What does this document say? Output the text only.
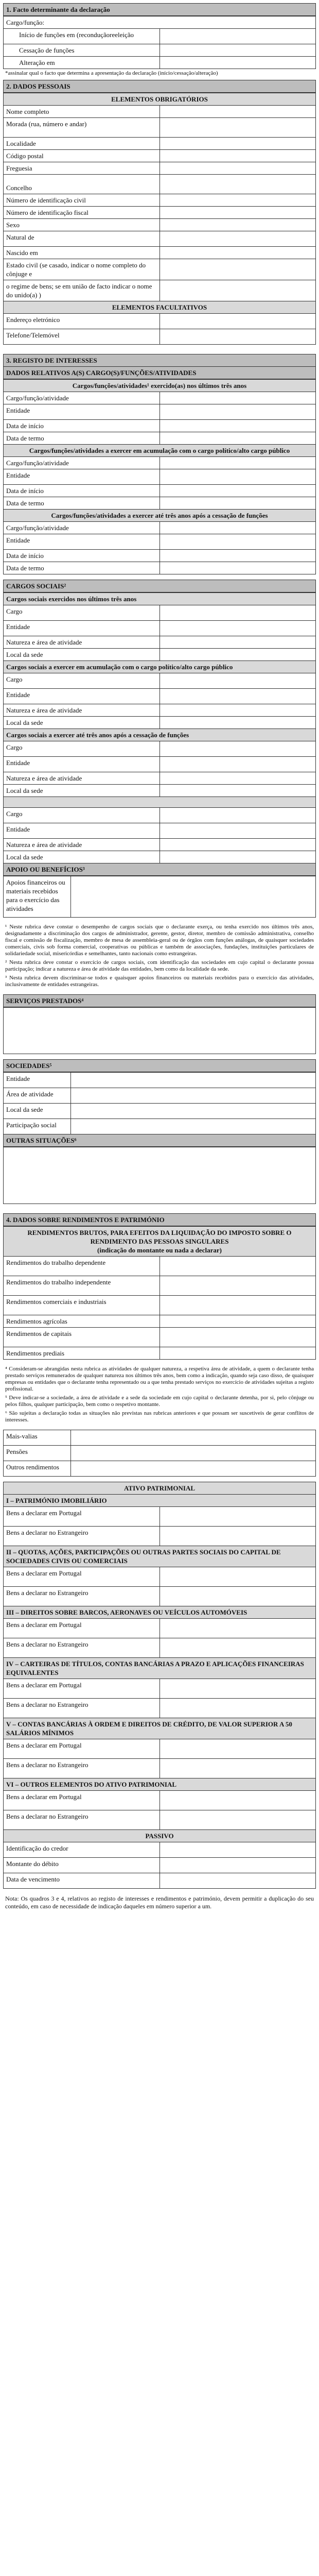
1. Facto determinante da declaração
Cargo/função:	
Início de funções em (reconduçãoreeleição	
Cessação de funções	
Alteração em	
*assinalar qual o facto que determina a apresentação da declaração (início/cessação/alteração)
2. DADOS PESSOAIS
ELEMENTOS OBRIGATÓRIOS	
Nome completo	
Morada (rua, número e andar)	
Localidade	
Código postal	
Freguesia	
Concelho	
Número de identificação civil	
Número de identificação fiscal	
Sexo	
Natural de	
Nascido em	
Estado civil (se casado, indicar o nome completo do cônjuge e	
o regime de bens; se em união de facto indicar o nome do unido(a) )	
ELEMENTOS FACULTATIVOS	
Endereço eletrónico	
Telefone/Telemóvel	
3. REGISTO DE INTERESSES
DADOS RELATIVOS A(S) CARGO(S)/FUNÇÕES/ATIVIDADES
Cargos/funções/atividades¹ exercido(as) nos últimos três anos	
Cargo/função/atividade	
Entidade	
Data de início	
Data de termo	
Cargos/funções/atividades a exercer em acumulação com o cargo político/alto cargo público	
Cargo/função/atividade	
Entidade	
Data de início	
Data de termo	
Cargos/funções/atividades a exercer até três anos após a cessação de funções	
Cargo/função/atividade	
Entidade	
Data de início	
Data de termo	
CARGOS SOCIAIS²
Cargos sociais exercidos nos últimos três anos	
Cargo	
Entidade	
Natureza e área de atividade	
Local da sede	
Cargos sociais a exercer em acumulação com o cargo político/alto cargo público	
Cargo	
Entidade	
Natureza e área de atividade	
Local da sede	
Cargos sociais a exercer até três anos após a cessação de funções	
Cargo	
Entidade	
Natureza e área de atividade	
Local da sede	

Cargo	
Entidade	
Natureza e área de atividade	
Local da sede	
APOIO OU BENEFÍCIOS³
Apoios financeiros ou materiais recebidos para o exercício das atividades	
¹ Neste rubrica deve constar o desempenho de cargos sociais que o declarante exerça, ou tenha exercido nos últimos três anos, designadamente a discriminação dos cargos de administrador, gerente, gestor, diretor, membro de comissão administrativa, conselho fiscal e comissão de fiscalização, membro de mesa de assembleia-geral ou de órgãos com funções análogas, de quaisquer sociedades comerciais, civis sob forma comercial, cooperativas ou públicas e também de associações, fundações, instituições particulares de solidariedade social, misericórdias e semelhantes, tanto nacionais como estrangeiras.
² Nesta rubrica deve constar o exercício de cargos sociais, com identificação das sociedades em cujo capital o declarante possua participação; indicar a natureza e área de atividade das entidades, bem como da localidade da sede.
³ Nesta rubrica devem discriminar-se todos e quaisquer apoios financeiros ou materiais recebidos para o exercício das atividades, inclusivamente de entidades estrangeiras.
SERVIÇOS PRESTADOS⁴
SOCIEDADES⁵
Entidade	
Área de atividade	
Local da sede	
Participação social	
OUTRAS SITUAÇÕES⁶
4. DADOS SOBRE RENDIMENTOS E PATRIMÓNIO
RENDIMENTOS BRUTOS, PARA EFEITOS DA LIQUIDAÇÃO DO IMPOSTO SOBRE O RENDIMENTO DAS PESSOAS SINGULARES
(indicação do montante ou nada a declarar)	
Rendimentos do trabalho dependente	
Rendimentos do trabalho independente	
Rendimentos comerciais e industriais	
Rendimentos agrícolas	
Rendimentos de capitais	
Rendimentos prediais	
⁴ Consideram-se abrangidas nesta rubrica as atividades de qualquer natureza, a respetiva área de atividade, a quem o declarante tenha prestado serviços remunerados de qualquer natureza nos últimos três anos, bem como a indicação, quando seja caso disso, de quaisquer empresas ou entidades que o declarante tenha representado ou a que tenha prestado serviços no exercício de atividades sujeitas a registo profissional.
⁵ Deve indicar-se a sociedade, a área de atividade e a sede da sociedade em cujo capital o declarante detenha, por si, pelo cônjuge ou pelos filhos, qualquer participação, bem como o respetivo montante.
⁶ São sujeitas a declaração todas as situações não previstas nas rubricas anteriores e que possam ser suscetíveis de gerar conflitos de interesses.
Mais-valias	
Pensões	
Outros rendimentos	
ATIVO PATRIMONIAL	
I – PATRIMÓNIO IMOBILIÁRIO	
Bens a declarar em Portugal	
Bens a declarar no Estrangeiro	
II – QUOTAS, AÇÕES, PARTICIPAÇÕES OU OUTRAS PARTES SOCIAIS DO CAPITAL DE SOCIEDADES CIVIS OU COMERCIAIS	
Bens a declarar em Portugal	
Bens a declarar no Estrangeiro	
III – DIREITOS SOBRE BARCOS, AERONAVES OU VEÍCULOS AUTOMÓVEIS	
Bens a declarar em Portugal	
Bens a declarar no Estrangeiro	
IV – CARTEIRAS DE TÍTULOS, CONTAS BANCÁRIAS A PRAZO E APLICAÇÕES FINANCEIRAS EQUIVALENTES	
Bens a declarar em Portugal	
Bens a declarar no Estrangeiro	
V – CONTAS BANCÁRIAS À ORDEM E DIREITOS DE CRÉDITO, DE VALOR SUPERIOR A 50 SALÁRIOS MÍNIMOS	
Bens a declarar em Portugal	
Bens a declarar no Estrangeiro	
VI – OUTROS ELEMENTOS DO ATIVO PATRIMONIAL	
Bens a declarar em Portugal	
Bens a declarar no Estrangeiro	
PASSIVO	
Identificação do credor	
Montante do débito	
Data de vencimento	
Nota: Os quadros 3 e 4, relativos ao registo de interesses e rendimentos e património, devem permitir a duplicação do seu conteúdo, em caso de necessidade de indicação daqueles em número superior a um.
